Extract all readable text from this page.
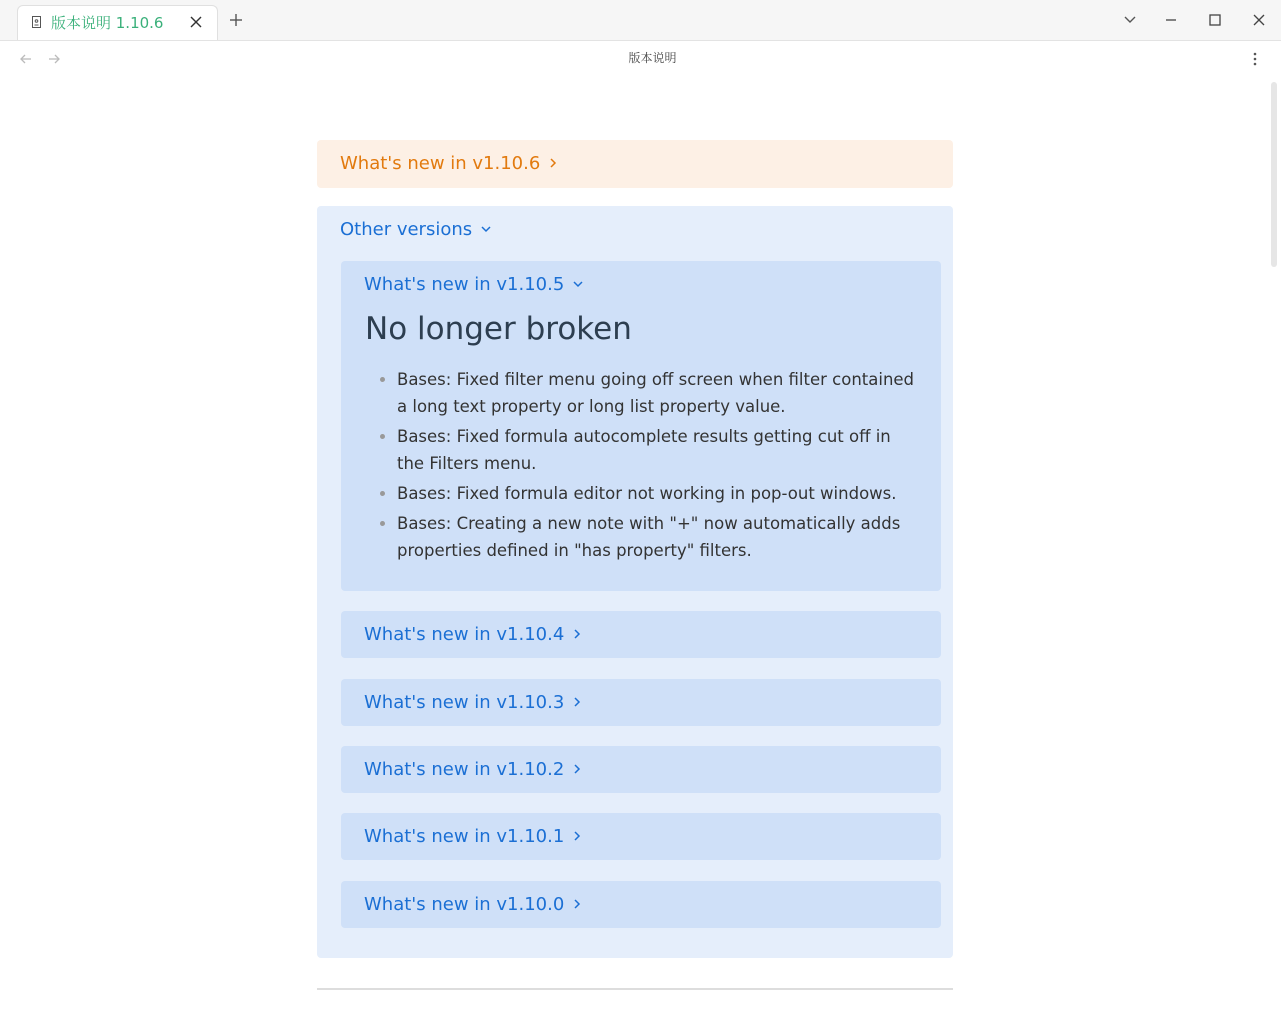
版本说明 1.10.6
版本说明
What's new in v1.10.6
Other versions
What's new in v1.10.5
No longer broken
• Bases: Fixed filter menu going off screen when filter contained a long text property or long list property value.
• Bases: Fixed formula autocomplete results getting cut off in the Filters menu.
• Bases: Fixed formula editor not working in pop-out windows.
• Bases: Creating a new note with "+" now automatically adds properties defined in "has property" filters.
What's new in v1.10.4
What's new in v1.10.3
What's new in v1.10.2
What's new in v1.10.1
What's new in v1.10.0
